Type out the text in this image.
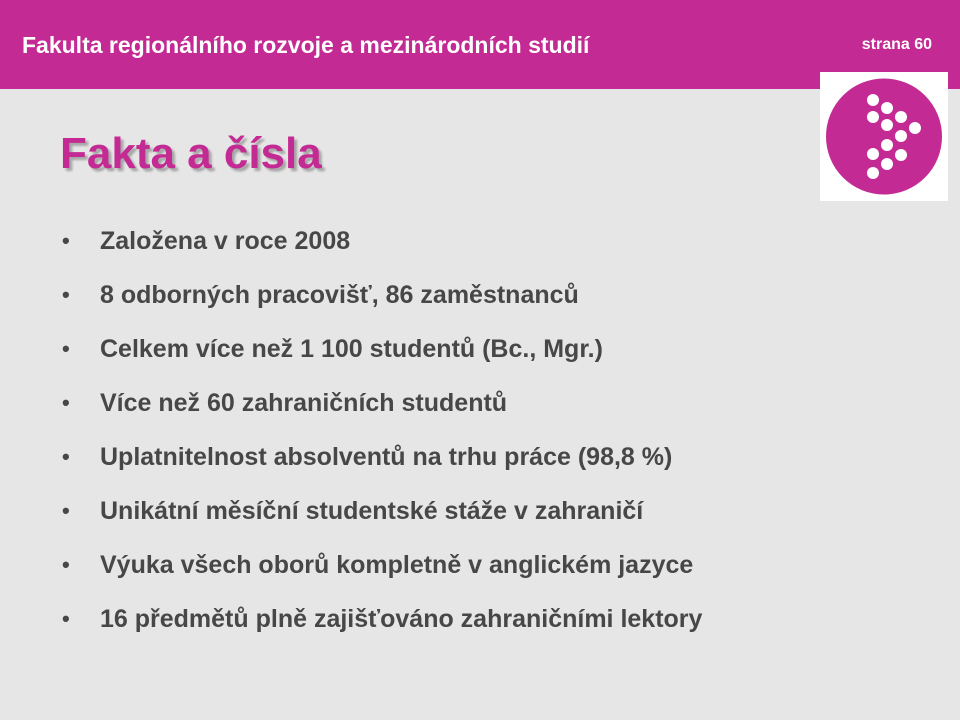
Fakulta regionálního rozvoje a mezinárodních studií	strana 60
Fakta a čísla
•	Založena v roce 2008
•	8 odborných pracovišť, 86 zaměstnanců
•	Celkem více než 1 100 studentů (Bc., Mgr.)
•	Více než 60 zahraničních studentů
•	Uplatnitelnost absolventů na trhu práce (98,8 %)
•	Unikátní měsíční studentské stáže v zahraničí
•	Výuka všech oborů kompletně v anglickém jazyce
•	16 předmětů plně zajišťováno zahraničními lektory
